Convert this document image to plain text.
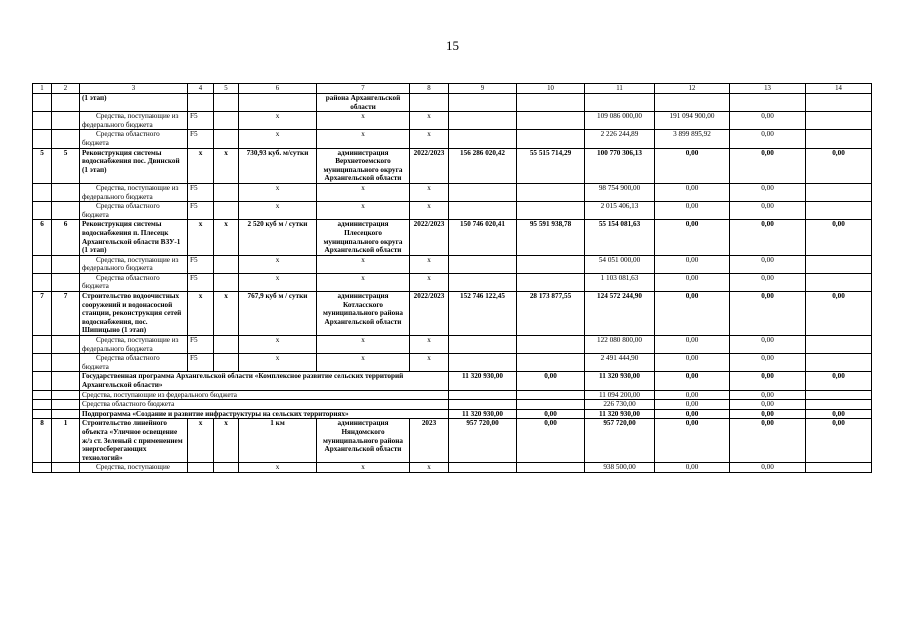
15
1	2	3	4	5	6	7	8	9	10	11	12	13	14
		(1 этап)				района Архангельской области							
		Средства, поступающие из федерального бюджета	F5		х	х	х			109 086 000,00	191 094 900,00	0,00	
		Средства областного бюджета	F5		х	х	х			2 226 244,89	3 899 895,92	0,00	
5	5	Реконструкция системы водоснабжения пос. Двинской (1 этап)	х	х	730,93 куб. м/сутки	администрация Верхнетоемского муниципального округа Архангельской области	2022/2023	156 286 020,42	55 515 714,29	100 770 306,13	0,00	0,00	0,00
		Средства, поступающие из федерального бюджета	F5		х	х	х			98 754 900,00	0,00	0,00	
		Средства областного бюджета	F5		х	х	х			2 015 406,13	0,00	0,00	
6	6	Реконструкция системы водоснабжения п. Плесецк Архангельской области ВЗУ-1 (1 этап)	х	х	2 520 куб м / сутки	администрация Плесецкого муниципального округа Архангельской области	2022/2023	150 746 020,41	95 591 938,78	55 154 081,63	0,00	0,00	0,00
		Средства, поступающие из федерального бюджета	F5		х	х	х			54 051 000,00	0,00	0,00	
		Средства областного бюджета	F5		х	х	х			1 103 081,63	0,00	0,00	
7	7	Строительство водоочистных сооружений и водонасосной станции, реконструкция сетей водоснабжения, пос. Шипицыно (1 этап)	х	х	767,9 куб м / сутки	администрация Котласского муниципального района Архангельской области	2022/2023	152 746 122,45	28 173 877,55	124 572 244,90	0,00	0,00	0,00
		Средства, поступающие из федерального бюджета	F5		х	х	х			122 080 800,00	0,00	0,00	
		Средства областного бюджета	F5		х	х	х			2 491 444,90	0,00	0,00	
		Государственная программа Архангельской области «Комплексное развитие сельских территорий Архангельской области»						11 320 930,00	0,00	11 320 930,00	0,00	0,00	0,00
		Средства, поступающие из федерального бюджета								11 094 200,00	0,00	0,00	
		Средства областного бюджета								226 730,00	0,00	0,00	
		Подпрограмма «Создание и развитие инфраструктуры на сельских территориях»						11 320 930,00	0,00	11 320 930,00	0,00	0,00	0,00
8	1	Строительство линейного объекта «Уличное освещение ж/з ст. Зеленый с применением энергосберегающих технологий»	х	х	1 км	администрация Няндомского муниципального района Архангельской области	2023	957 720,00	0,00	957 720,00	0,00	0,00	0,00
		Средства, поступающие			х	х	х			938 500,00	0,00	0,00	
